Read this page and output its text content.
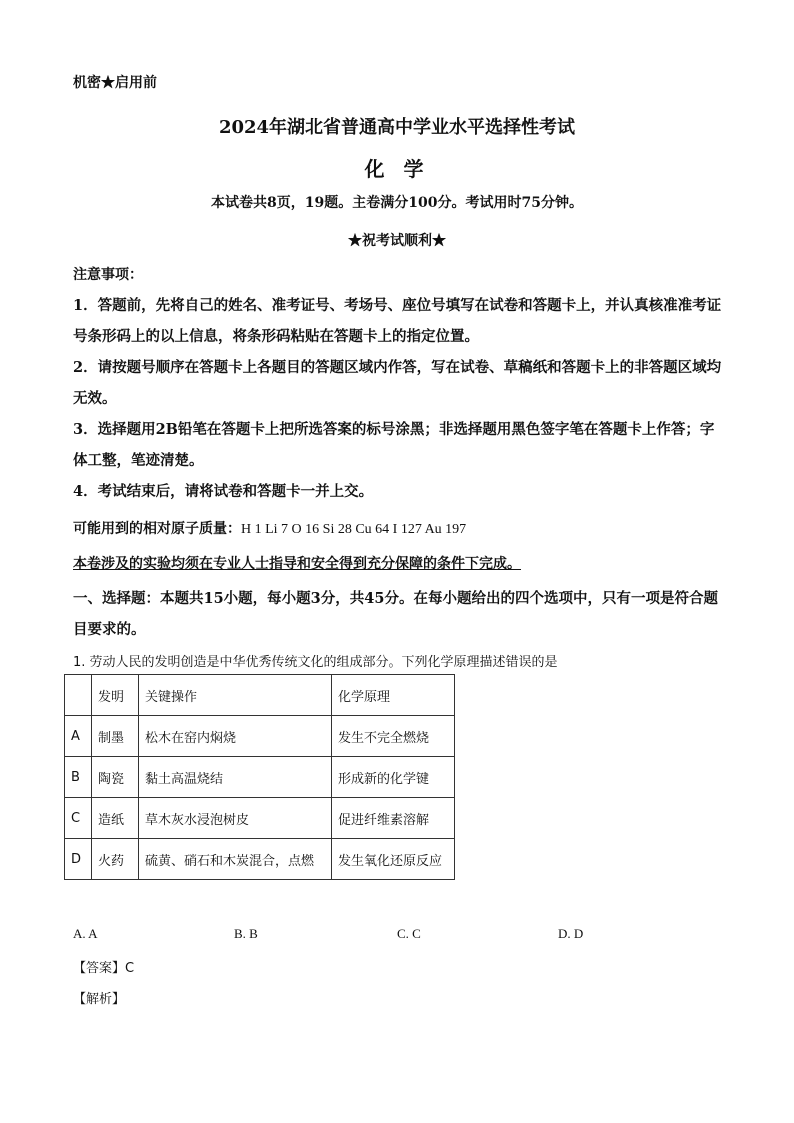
机密★启用前
2024年湖北省普通高中学业水平选择性考试
化 学
本试卷共8页，19题。主卷满分100分。考试用时75分钟。
★祝考试顺利★
注意事项：
1．答题前，先将自己的姓名、准考证号、考场号、座位号填写在试卷和答题卡上，并认真核准准考证号条形码上的以上信息，将条形码粘贴在答题卡上的指定位置。
2．请按题号顺序在答题卡上各题目的答题区域内作答，写在试卷、草稿纸和答题卡上的非答题区域均无效。
3．选择题用2B铅笔在答题卡上把所选答案的标号涂黑；非选择题用黑色签字笔在答题卡上作答；字体工整，笔迹清楚。
4．考试结束后，请将试卷和答题卡一并上交。
可能用到的相对原子质量：H 1 Li 7 O 16 Si 28 Cu 64 I 127 Au 197
本卷涉及的实验均须在专业人士指导和安全得到充分保障的条件下完成。
一、选择题：本题共15小题，每小题3分，共45分。在每小题给出的四个选项中，只有一项是符合题目要求的。
1. 劳动人民的发明创造是中华优秀传统文化的组成部分。下列化学原理描述错误的是
	发明	关键操作	化学原理
A	制墨	松木在窑内焖烧	发生不完全燃烧
B	陶瓷	黏土高温烧结	形成新的化学键
C	造纸	草木灰水浸泡树皮	促进纤维素溶解
D	火药	硫黄、硝石和木炭混合，点燃	发生氧化还原反应
A. A	B. B	C. C	D. D
【答案】C
【解析】
